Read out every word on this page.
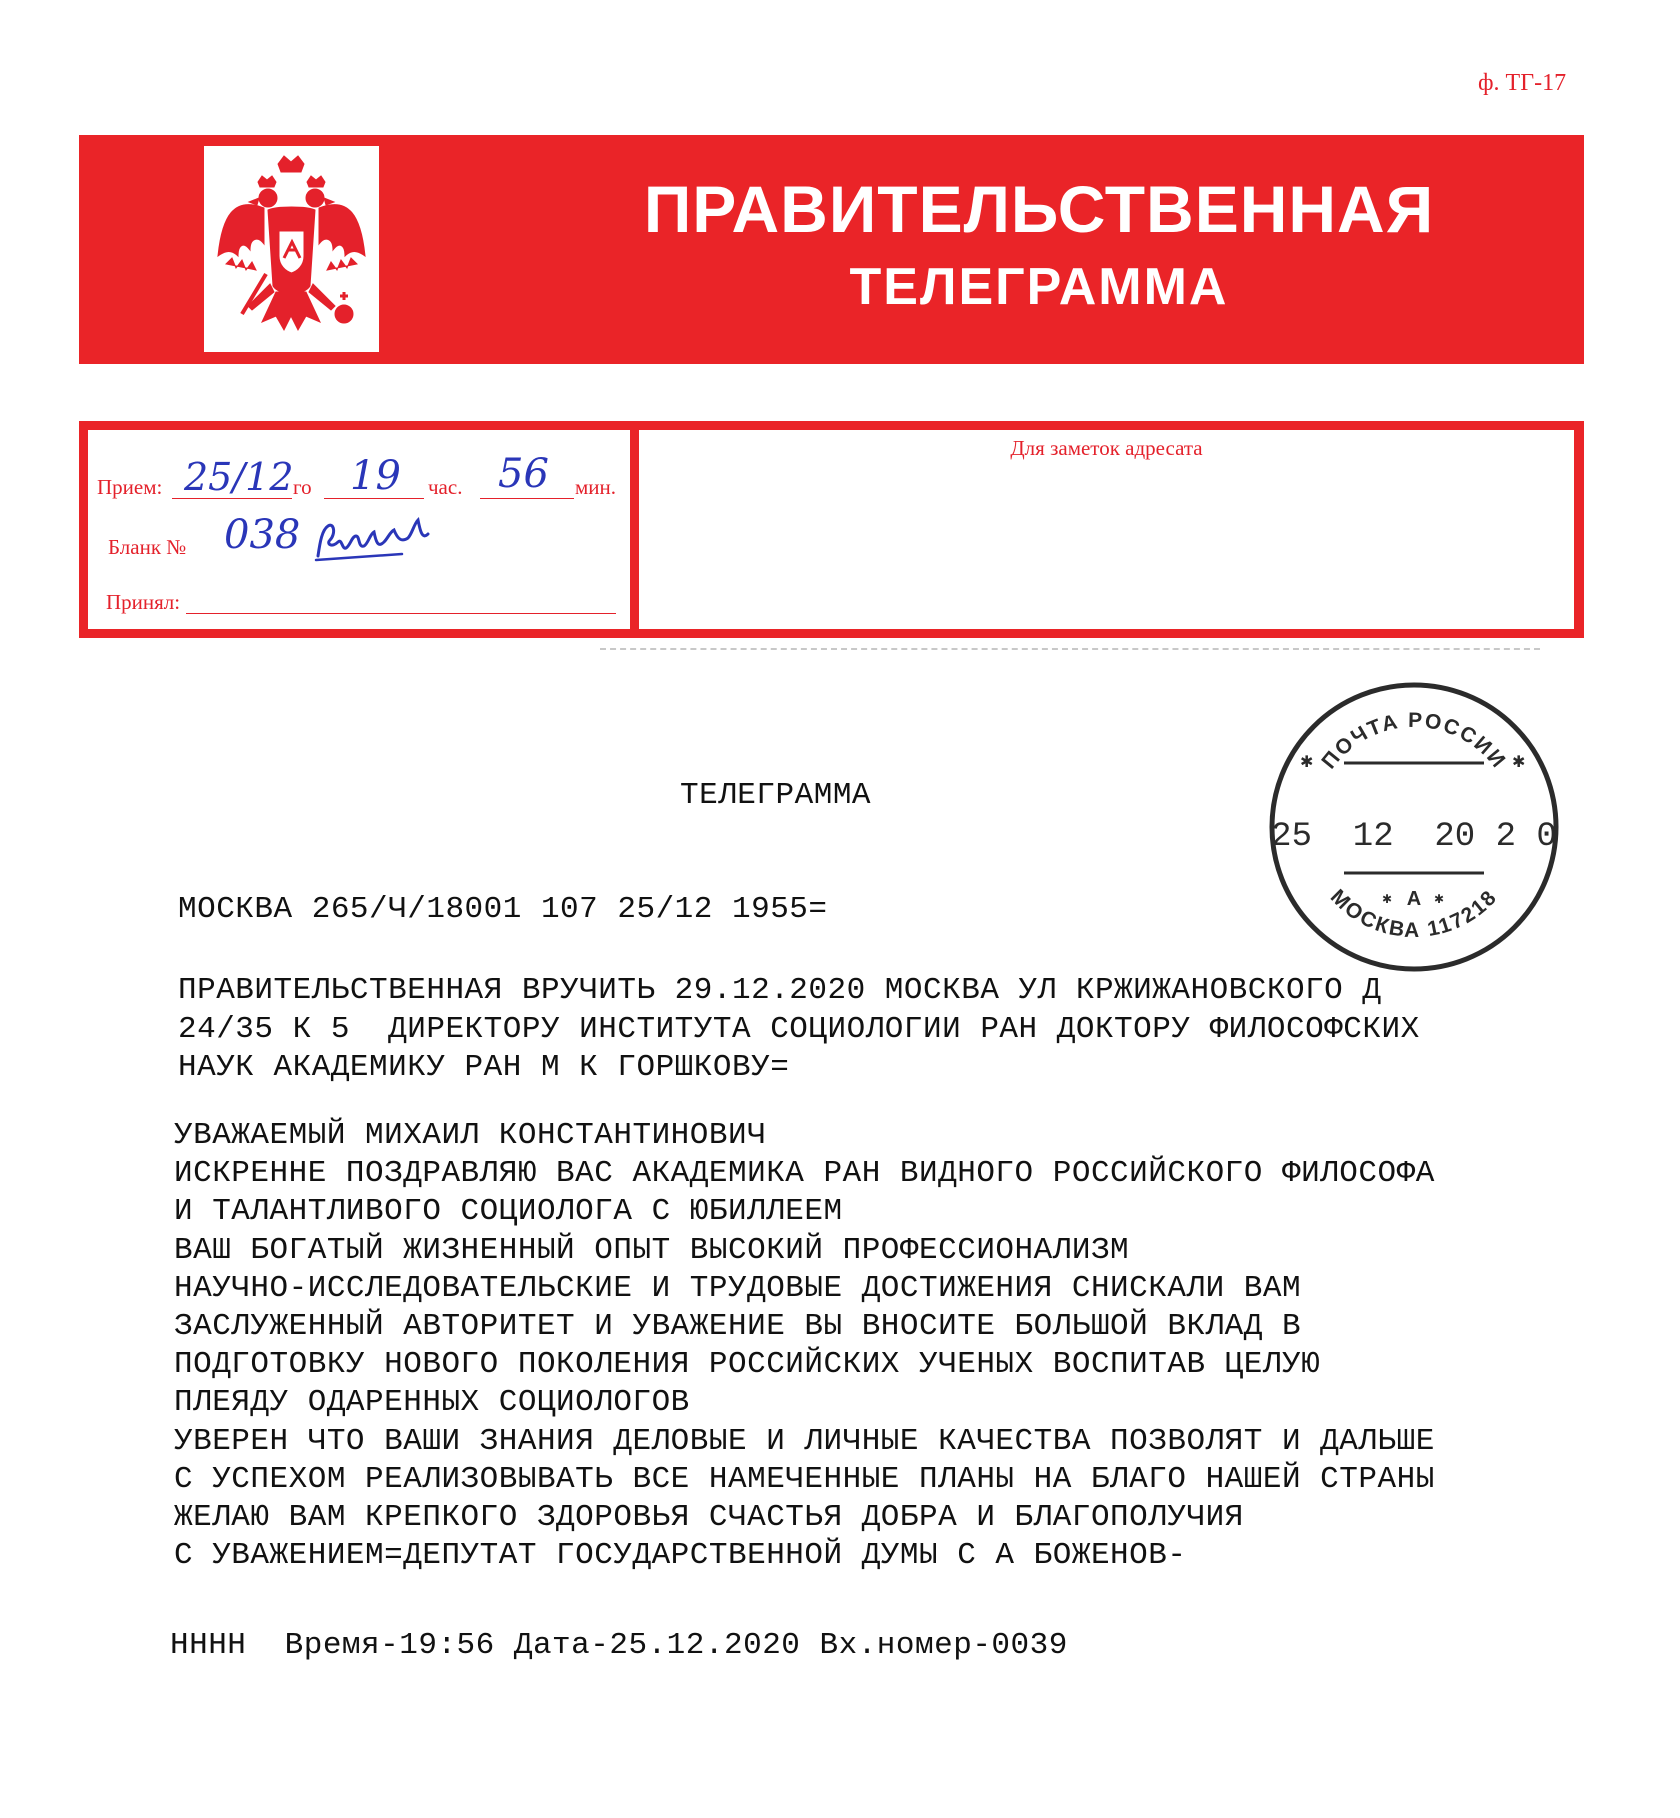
ф. ТГ-17
ПРАВИТЕЛЬСТВЕННАЯ
ТЕЛЕГРАММА
Прием: 25/12 го 19 час. 56 мин.
Бланк № 038
Принял:
Для заметок адресата
ПОЧТА РОССИИ
МОСКВА 117218
✱	✱
25  12  20 2 0
✱ А ✱
ТЕЛЕГРАММА
МОСКВА 265/Ч/18001 107 25/12 1955=
ПРАВИТЕЛЬСТВЕННАЯ ВРУЧИТЬ 29.12.2020 МОСКВА УЛ КРЖИЖАНОВСКОГО Д
24/35 К 5  ДИРЕКТОРУ ИНСТИТУТА СОЦИОЛОГИИ РАН ДОКТОРУ ФИЛОСОФСКИХ
НАУК АКАДЕМИКУ РАН М К ГОРШКОВУ=
УВАЖАЕМЫЙ МИХАИЛ КОНСТАНТИНОВИЧ
ИСКРЕННЕ ПОЗДРАВЛЯЮ ВАС АКАДЕМИКА РАН ВИДНОГО РОССИЙСКОГО ФИЛОСОФА
И ТАЛАНТЛИВОГО СОЦИОЛОГА С ЮБИЛЛЕЕМ
ВАШ БОГАТЫЙ ЖИЗНЕННЫЙ ОПЫТ ВЫСОКИЙ ПРОФЕССИОНАЛИЗМ
НАУЧНО-ИССЛЕДОВАТЕЛЬСКИЕ И ТРУДОВЫЕ ДОСТИЖЕНИЯ СНИСКАЛИ ВАМ
ЗАСЛУЖЕННЫЙ АВТОРИТЕТ И УВАЖЕНИЕ ВЫ ВНОСИТЕ БОЛЬШОЙ ВКЛАД В
ПОДГОТОВКУ НОВОГО ПОКОЛЕНИЯ РОССИЙСКИХ УЧЕНЫХ ВОСПИТАВ ЦЕЛУЮ
ПЛЕЯДУ ОДАРЕННЫХ СОЦИОЛОГОВ
УВЕРЕН ЧТО ВАШИ ЗНАНИЯ ДЕЛОВЫЕ И ЛИЧНЫЕ КАЧЕСТВА ПОЗВОЛЯТ И ДАЛЬШЕ
С УСПЕХОМ РЕАЛИЗОВЫВАТЬ ВСЕ НАМЕЧЕННЫЕ ПЛАНЫ НА БЛАГО НАШЕЙ СТРАНЫ
ЖЕЛАЮ ВАМ КРЕПКОГО ЗДОРОВЬЯ СЧАСТЬЯ ДОБРА И БЛАГОПОЛУЧИЯ
С УВАЖЕНИЕМ=ДЕПУТАТ ГОСУДАРСТВЕННОЙ ДУМЫ С А БОЖЕНОВ-
НННН  Время-19:56 Дата-25.12.2020 Вх.номер-0039
